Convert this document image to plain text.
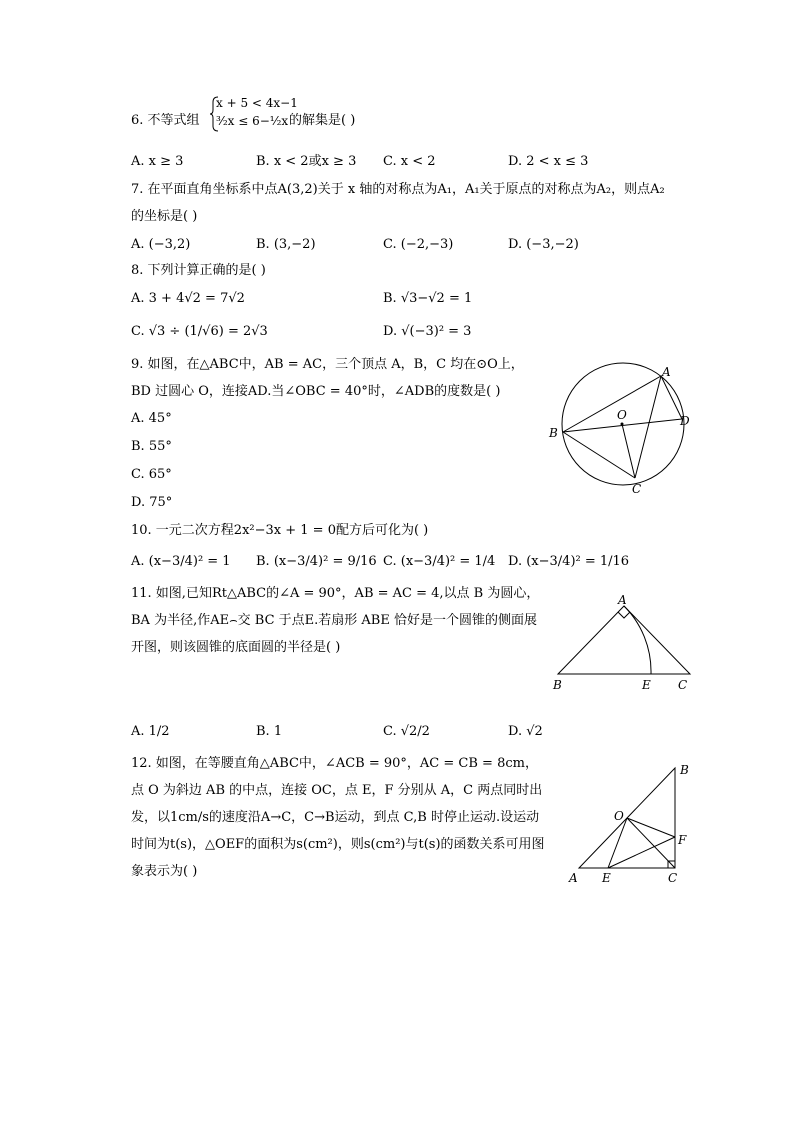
6. 不等式组
x + 5 < 4x−1
³⁄₂x ≤ 6−¹⁄₂x 的解集是( )
A. x ≥ 3	B. x < 2或x ≥ 3 C. x < 2	D. 2 < x ≤ 3
7. 在平面直角坐标系中点A(3,2)关于 x 轴的对称点为A₁，A₁关于原点的对称点为A₂，则点A₂
的坐标是( )
A. (−3,2)	B. (3,−2)	C. (−2,−3)	D. (−3,−2)
8. 下列计算正确的是( )
A. 3 + 4√2 = 7√2	B. √3−√2 = 1
C. √3 ÷ (1/√6) = 2√3	D. √(−3)² = 3
9. 如图，在△ABC中，AB = AC，三个顶点 A，B，C 均在⊙O上，
BD 过圆心 O，连接AD.当∠OBC = 40°时，∠ADB的度数是( )
A. 45°
B. 55°
C. 65°
D. 75°
A
B
C
D
O
10. 一元二次方程2x²−3x + 1 = 0配方后可化为( )
A. (x−3/4)² = 1 B. (x−3/4)² = 9/16 C. (x−3/4)² = 1/4 D. (x−3/4)² = 1/16
11. 如图,已知Rt△ABC的∠A = 90°，AB = AC = 4,以点 B 为圆心，
BA 为半径,作AE⌢交 BC 于点E.若扇形 ABE 恰好是一个圆锥的侧面展
开图，则该圆锥的底面圆的半径是( )
A. 1/2	B. 1	C. √2/2	D. √2
A
B	E C
12. 如图，在等腰直角△ABC中，∠ACB = 90°，AC = CB = 8cm，
点 O 为斜边 AB 的中点，连接 OC，点 E，F 分别从 A，C 两点同时出
发，以1cm/s的速度沿A→C，C→B运动，到点 C,B 时停止运动.设运动
时间为t(s)，△OEF的面积为s(cm²)，则s(cm²)与t(s)的函数关系可用图
象表示为( )
B
O
F
A E	C
